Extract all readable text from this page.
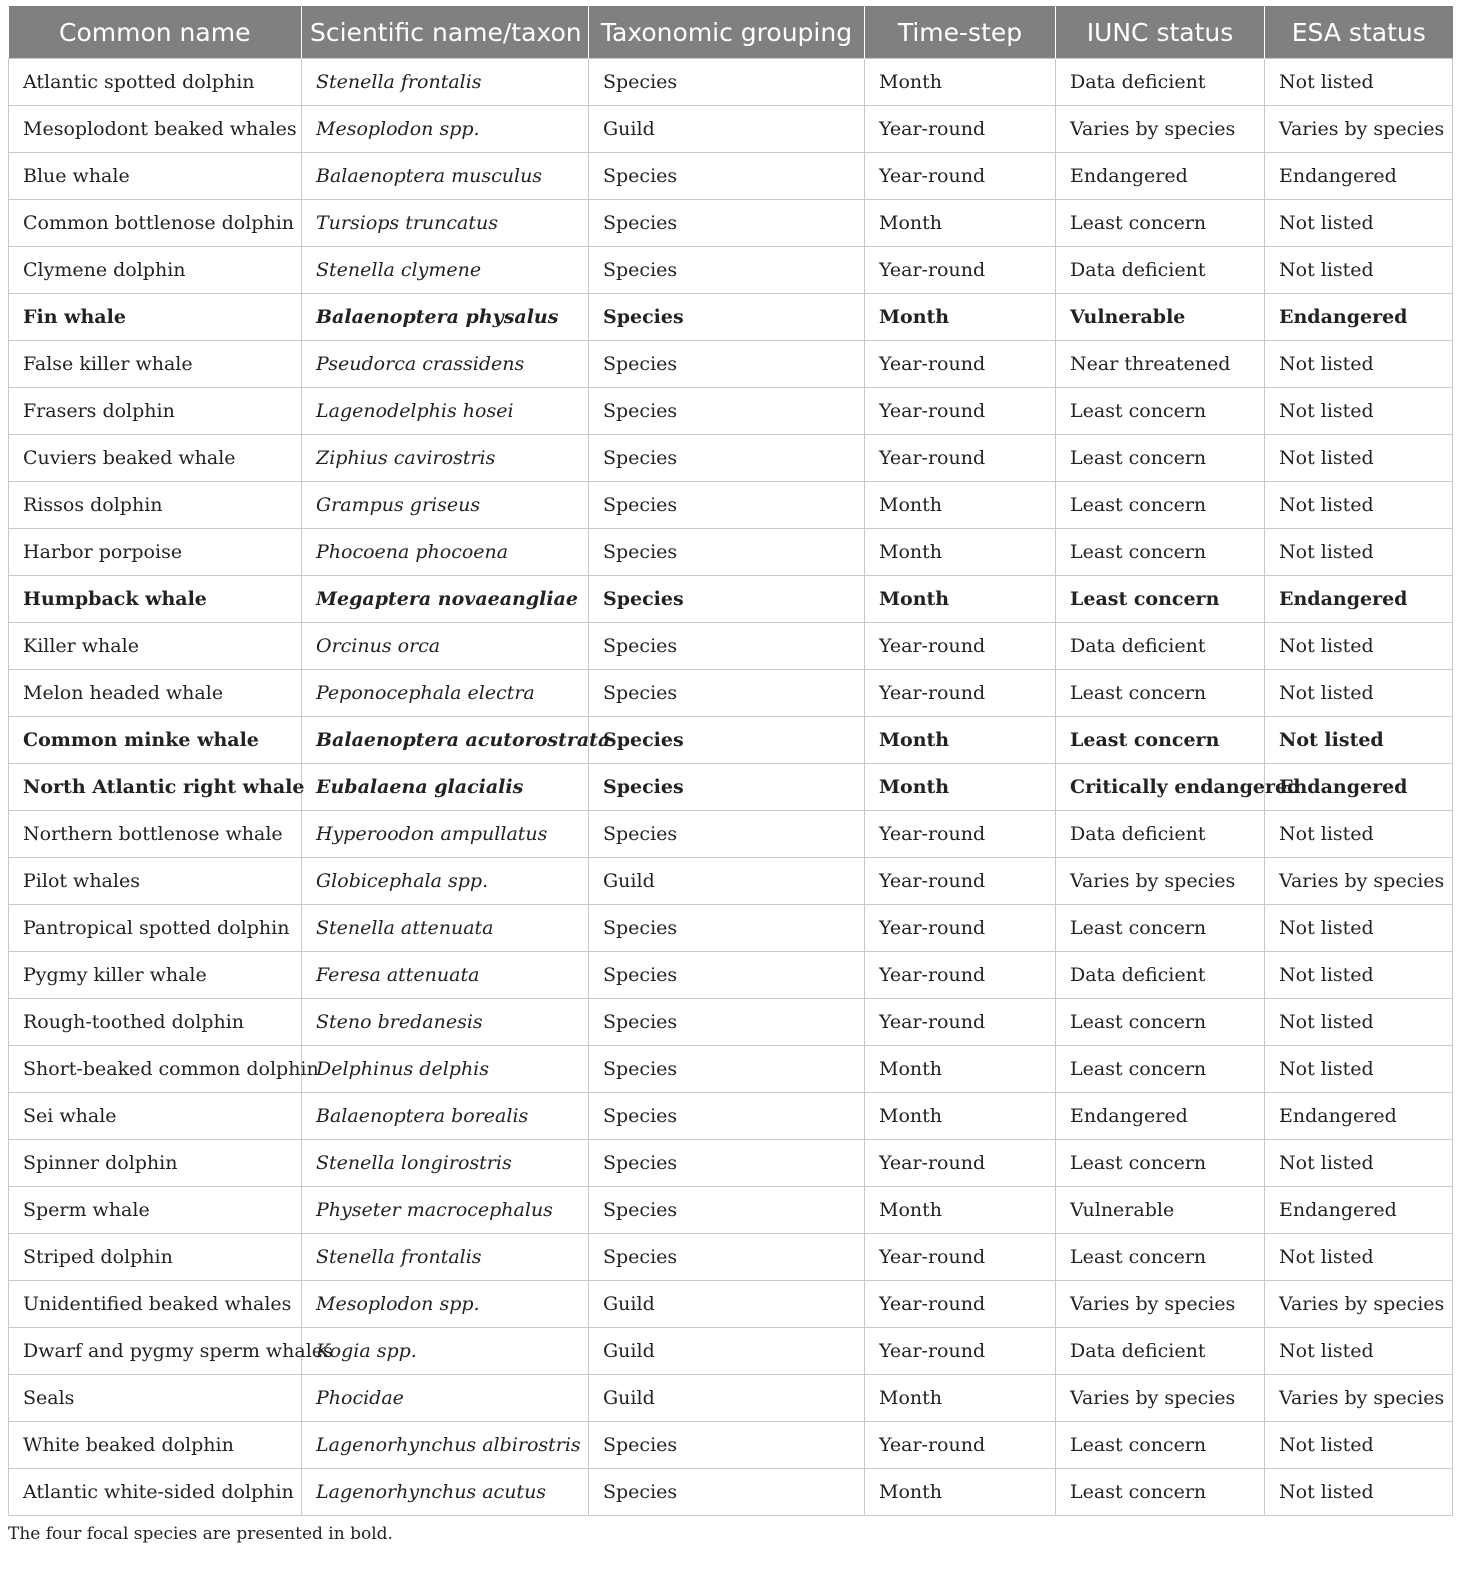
Common name	Scientific name/taxon	Taxonomic grouping	Time-step	IUNC status	ESA status
Atlantic spotted dolphin	Stenella frontalis	Species	Month	Data deficient	Not listed
Mesoplodont beaked whales	Mesoplodon spp.	Guild	Year-round	Varies by species	Varies by species
Blue whale	Balaenoptera musculus	Species	Year-round	Endangered	Endangered
Common bottlenose dolphin	Tursiops truncatus	Species	Month	Least concern	Not listed
Clymene dolphin	Stenella clymene	Species	Year-round	Data deficient	Not listed
Fin whale	Balaenoptera physalus	Species	Month	Vulnerable	Endangered
False killer whale	Pseudorca crassidens	Species	Year-round	Near threatened	Not listed
Frasers dolphin	Lagenodelphis hosei	Species	Year-round	Least concern	Not listed
Cuviers beaked whale	Ziphius cavirostris	Species	Year-round	Least concern	Not listed
Rissos dolphin	Grampus griseus	Species	Month	Least concern	Not listed
Harbor porpoise	Phocoena phocoena	Species	Month	Least concern	Not listed
Humpback whale	Megaptera novaeangliae	Species	Month	Least concern	Endangered
Killer whale	Orcinus orca	Species	Year-round	Data deficient	Not listed
Melon headed whale	Peponocephala electra	Species	Year-round	Least concern	Not listed
Common minke whale	Balaenoptera acutorostrata	Species	Month	Least concern	Not listed
North Atlantic right whale	Eubalaena glacialis	Species	Month	Critically endangered	Endangered
Northern bottlenose whale	Hyperoodon ampullatus	Species	Year-round	Data deficient	Not listed
Pilot whales	Globicephala spp.	Guild	Year-round	Varies by species	Varies by species
Pantropical spotted dolphin	Stenella attenuata	Species	Year-round	Least concern	Not listed
Pygmy killer whale	Feresa attenuata	Species	Year-round	Data deficient	Not listed
Rough-toothed dolphin	Steno bredanesis	Species	Year-round	Least concern	Not listed
Short-beaked common dolphin	Delphinus delphis	Species	Month	Least concern	Not listed
Sei whale	Balaenoptera borealis	Species	Month	Endangered	Endangered
Spinner dolphin	Stenella longirostris	Species	Year-round	Least concern	Not listed
Sperm whale	Physeter macrocephalus	Species	Month	Vulnerable	Endangered
Striped dolphin	Stenella frontalis	Species	Year-round	Least concern	Not listed
Unidentified beaked whales	Mesoplodon spp.	Guild	Year-round	Varies by species	Varies by species
Dwarf and pygmy sperm whales	Kogia spp.	Guild	Year-round	Data deficient	Not listed
Seals	Phocidae	Guild	Month	Varies by species	Varies by species
White beaked dolphin	Lagenorhynchus albirostris	Species	Year-round	Least concern	Not listed
Atlantic white-sided dolphin	Lagenorhynchus acutus	Species	Month	Least concern	Not listed
The four focal species are presented in bold.
